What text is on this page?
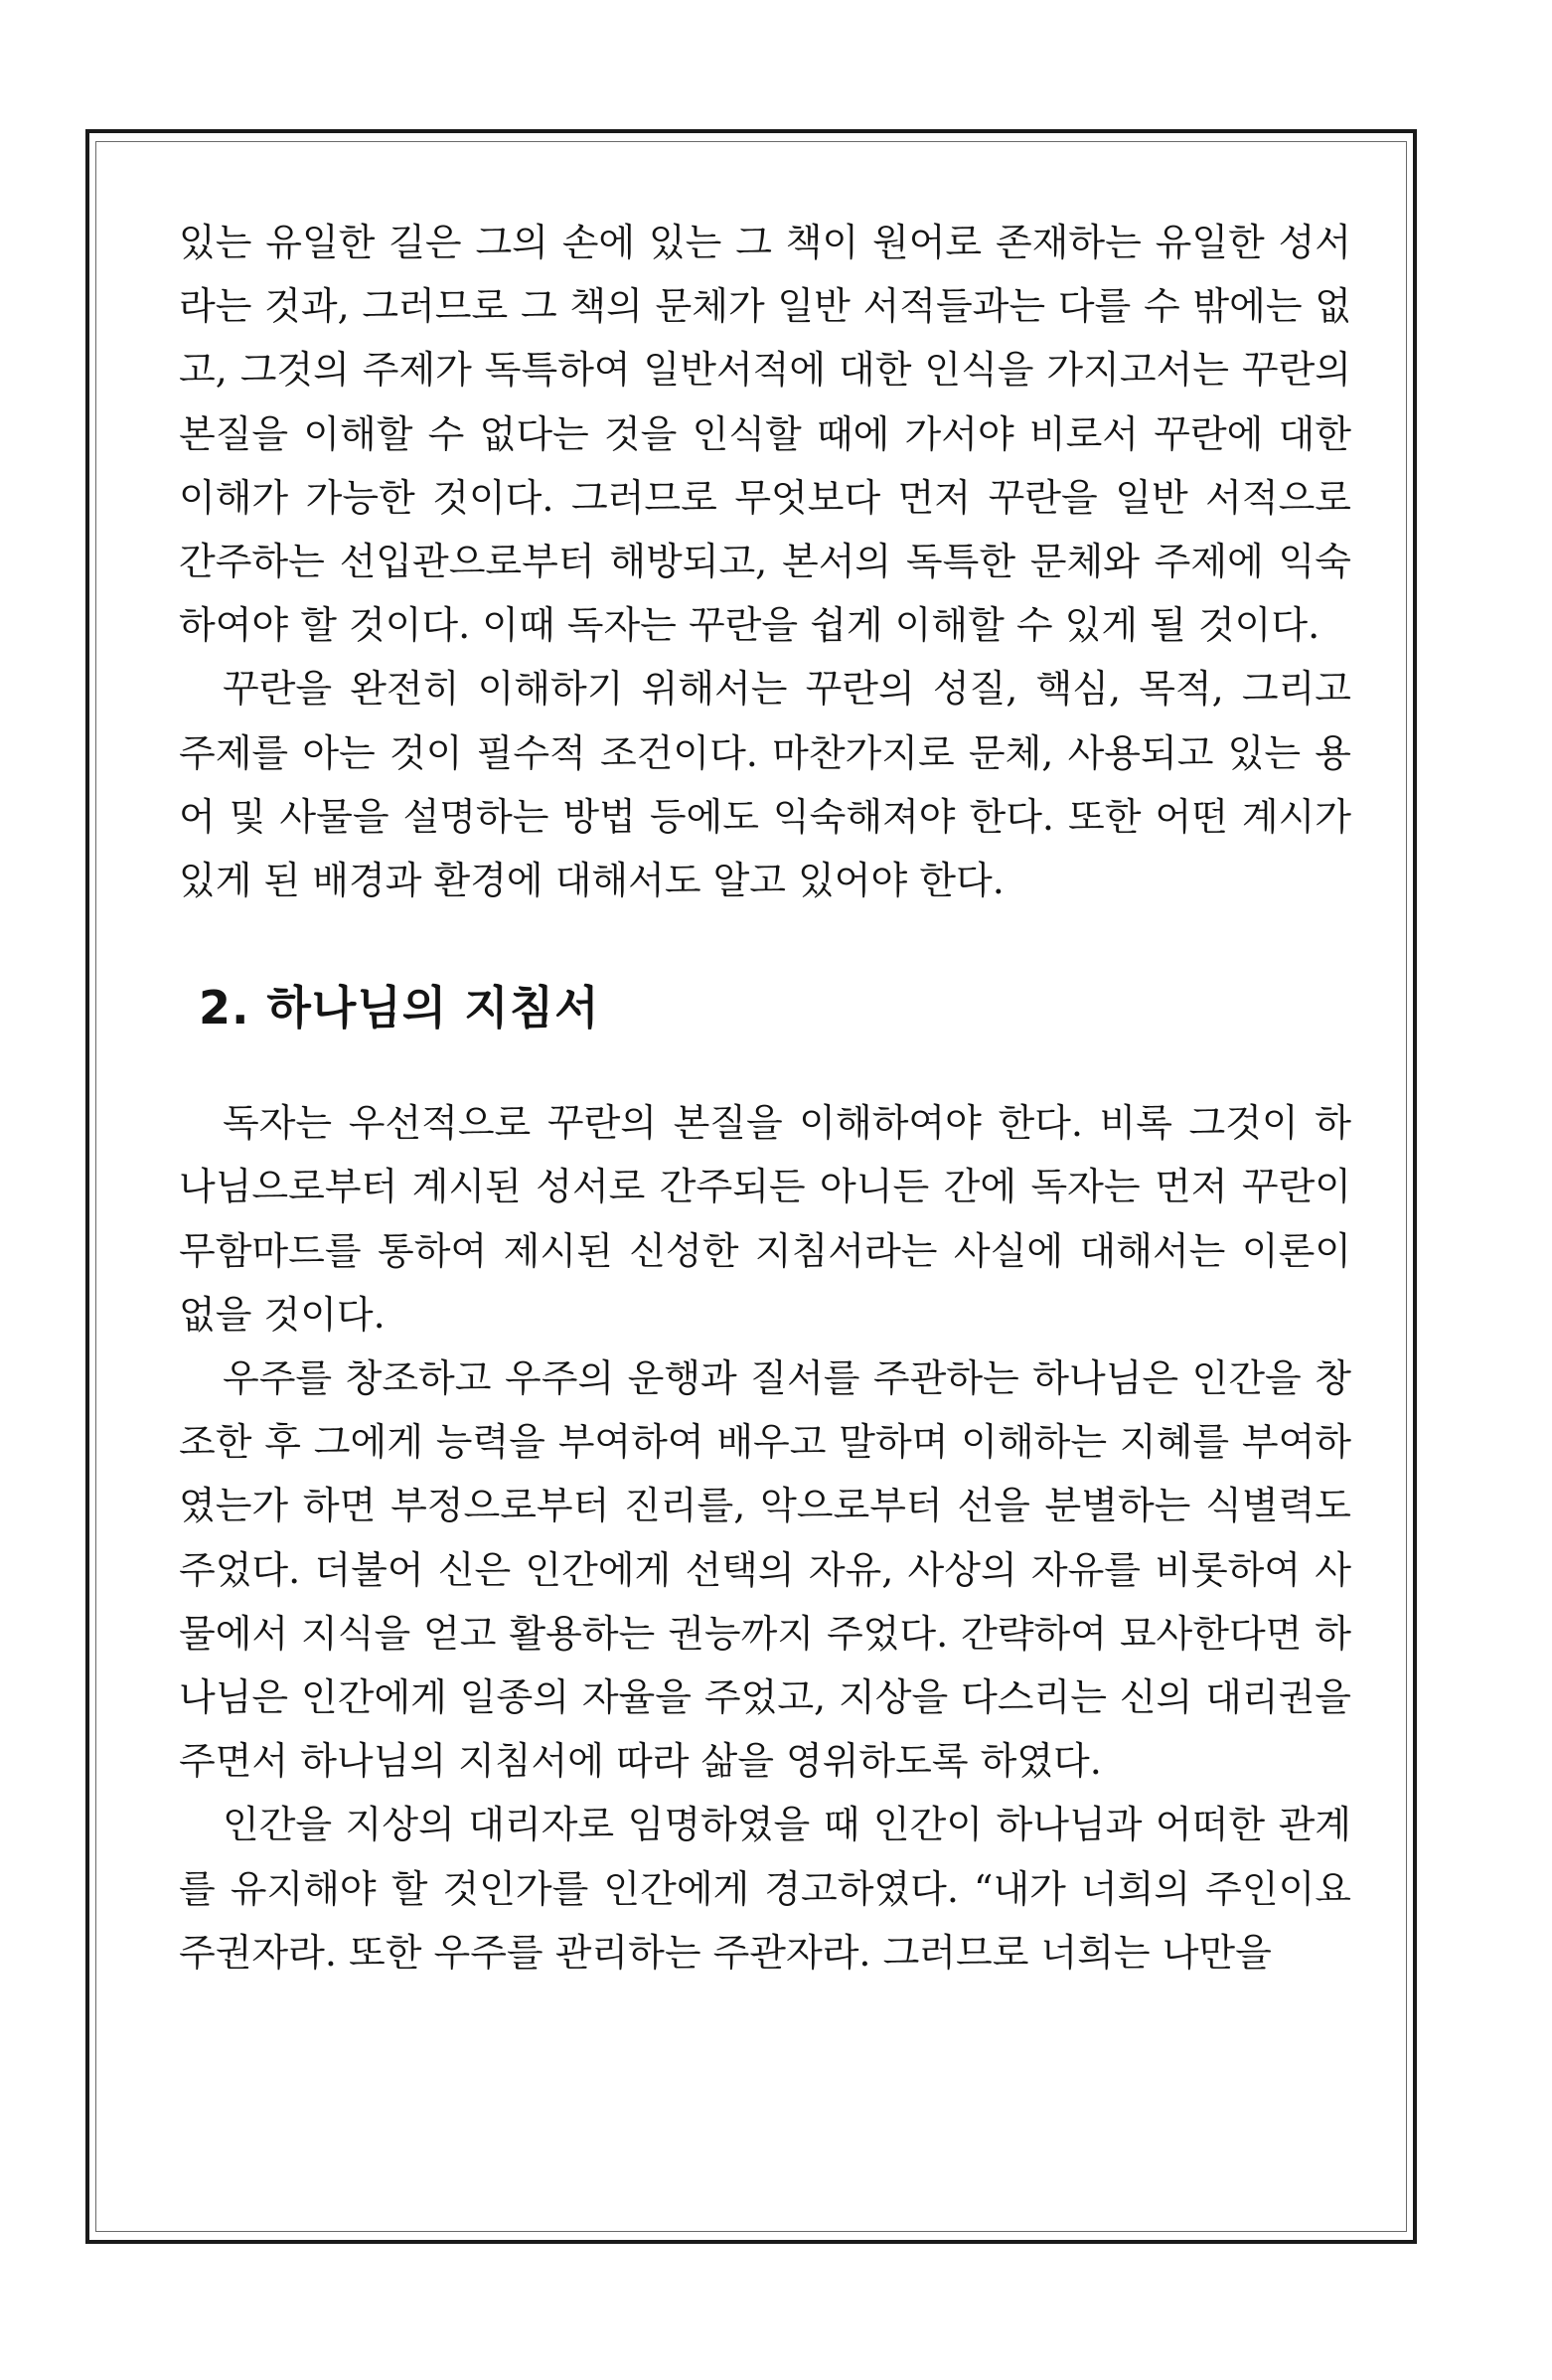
있는 유일한 길은 그의 손에 있는 그 책이 원어로 존재하는 유일한 성서라는 것과, 그러므로 그 책의 문체가 일반 서적들과는 다를 수 밖에는 없고, 그것의 주제가 독특하여 일반서적에 대한 인식을 가지고서는 꾸란의 본질을 이해할 수 없다는 것을 인식할 때에 가서야 비로서 꾸란에 대한 이해가 가능한 것이다. 그러므로 무엇보다 먼저 꾸란을 일반 서적으로 간주하는 선입관으로부터 해방되고, 본서의 독특한 문체와 주제에 익숙하여야 할 것이다. 이때 독자는 꾸란을 쉽게 이해할 수 있게 될 것이다.

꾸란을 완전히 이해하기 위해서는 꾸란의 성질, 핵심, 목적, 그리고 주제를 아는 것이 필수적 조건이다. 마찬가지로 문체, 사용되고 있는 용어 및 사물을 설명하는 방법 등에도 익숙해져야 한다. 또한 어떤 계시가 있게 된 배경과 환경에 대해서도 알고 있어야 한다.

2. 하나님의 지침서

독자는 우선적으로 꾸란의 본질을 이해하여야 한다. 비록 그것이 하나님으로부터 계시된 성서로 간주되든 아니든 간에 독자는 먼저 꾸란이 무함마드를 통하여 제시된 신성한 지침서라는 사실에 대해서는 이론이 없을 것이다.

우주를 창조하고 우주의 운행과 질서를 주관하는 하나님은 인간을 창조한 후 그에게 능력을 부여하여 배우고 말하며 이해하는 지혜를 부여하였는가 하면 부정으로부터 진리를, 악으로부터 선을 분별하는 식별력도 주었다. 더불어 신은 인간에게 선택의 자유, 사상의 자유를 비롯하여 사물에서 지식을 얻고 활용하는 권능까지 주었다. 간략하여 묘사한다면 하나님은 인간에게 일종의 자율을 주었고, 지상을 다스리는 신의 대리권을 주면서 하나님의 지침서에 따라 삶을 영위하도록 하였다.

인간을 지상의 대리자로 임명하였을 때 인간이 하나님과 어떠한 관계를 유지해야 할 것인가를 인간에게 경고하였다. “내가 너희의 주인이요 주권자라. 또한 우주를 관리하는 주관자라. 그러므로 너희는 나만을
